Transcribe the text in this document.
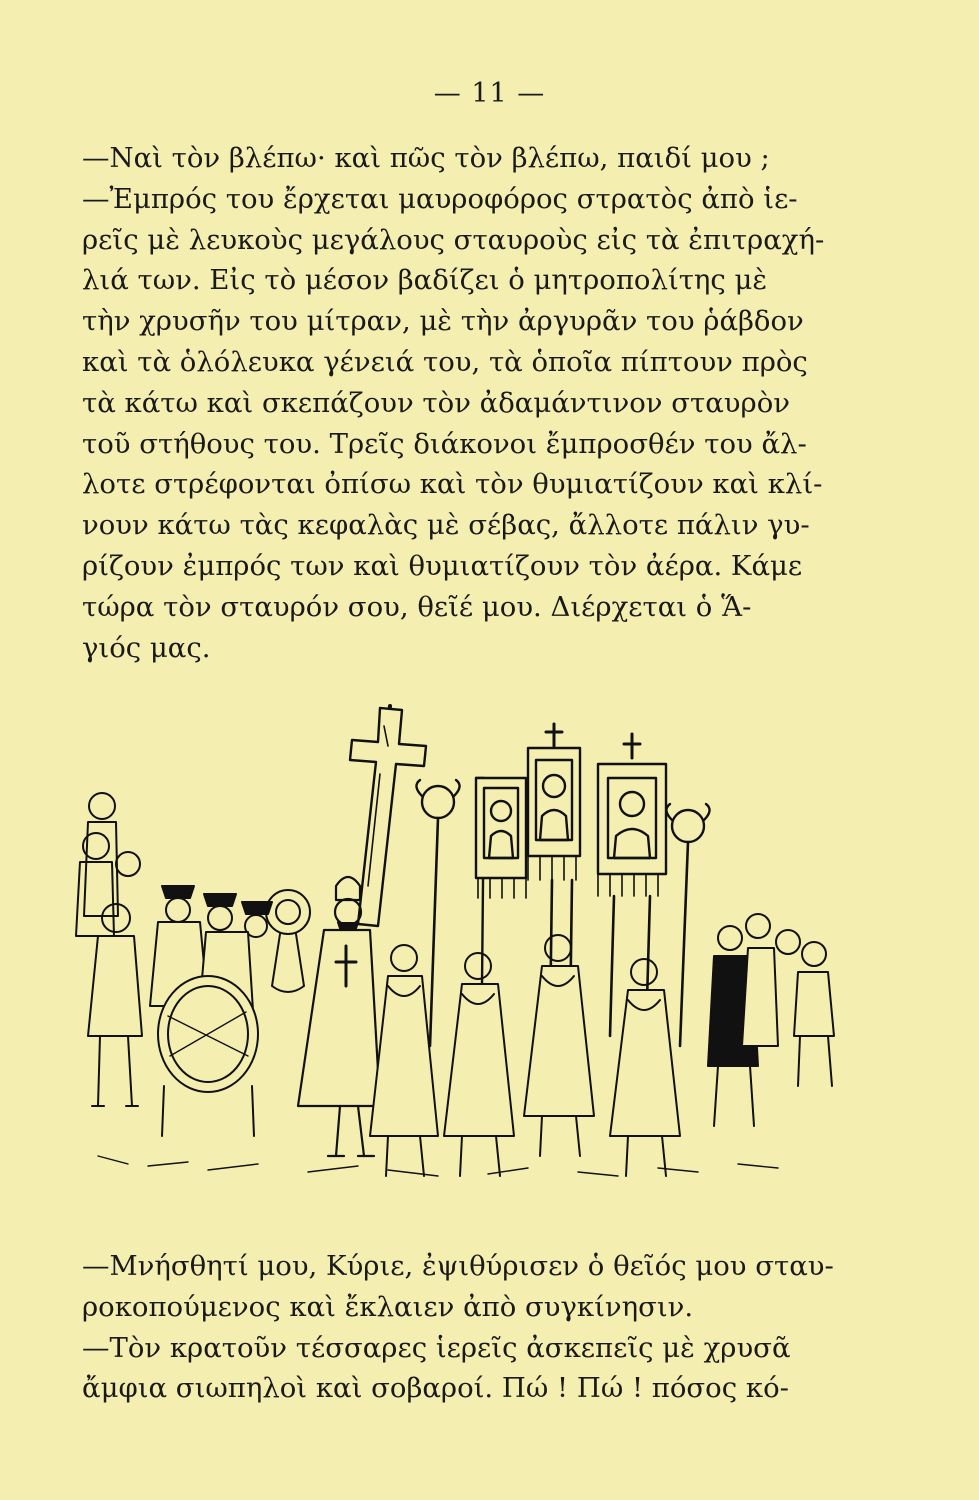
— 11 —

—Ναὶ τὸν βλέπω· καὶ πῶς τὸν βλέπω, παιδί μου ;

—Ἐμπρός του ἔρχεται μαυροφόρος στρατὸς ἀπὸ ἱε-

ρεῖς μὲ λευκοὺς μεγάλους σταυροὺς εἰς τὰ ἐπιτραχή-

λιά των. Εἰς τὸ μέσον βαδίζει ὁ μητροπολίτης μὲ

τὴν χρυσῆν του μίτραν, μὲ τὴν ἀργυρᾶν του ῥάβδον

καὶ τὰ ὁλόλευκα γένειά του, τὰ ὁποῖα πίπτουν πρὸς

τὰ κάτω καὶ σκεπάζουν τὸν ἀδαμάντινον σταυρὸν

τοῦ στήθους του. Τρεῖς διάκονοι ἔμπροσθέν του ἄλ-

λοτε στρέφονται ὀπίσω καὶ τὸν θυμιατίζουν καὶ κλί-

νουν κάτω τὰς κεφαλὰς μὲ σέβας, ἄλλοτε πάλιν γυ-

ρίζουν ἐμπρός των καὶ θυμιατίζουν τὸν ἀέρα. Κάμε

τώρα τὸν σταυρόν σου, θεῖέ μου. Διέρχεται ὁ Ἅ-

γιός μας.

—Μνήσθητί μου, Κύριε, ἐψιθύρισεν ὁ θεῖός μου σταυ-

ροκοπούμενος καὶ ἔκλαιεν ἀπὸ συγκίνησιν.

—Τὸν κρατοῦν τέσσαρες ἱερεῖς ἀσκεπεῖς μὲ χρυσᾶ

ἄμφια σιωπηλοὶ καὶ σοβαροί. Πώ ! Πώ ! πόσος κό-
